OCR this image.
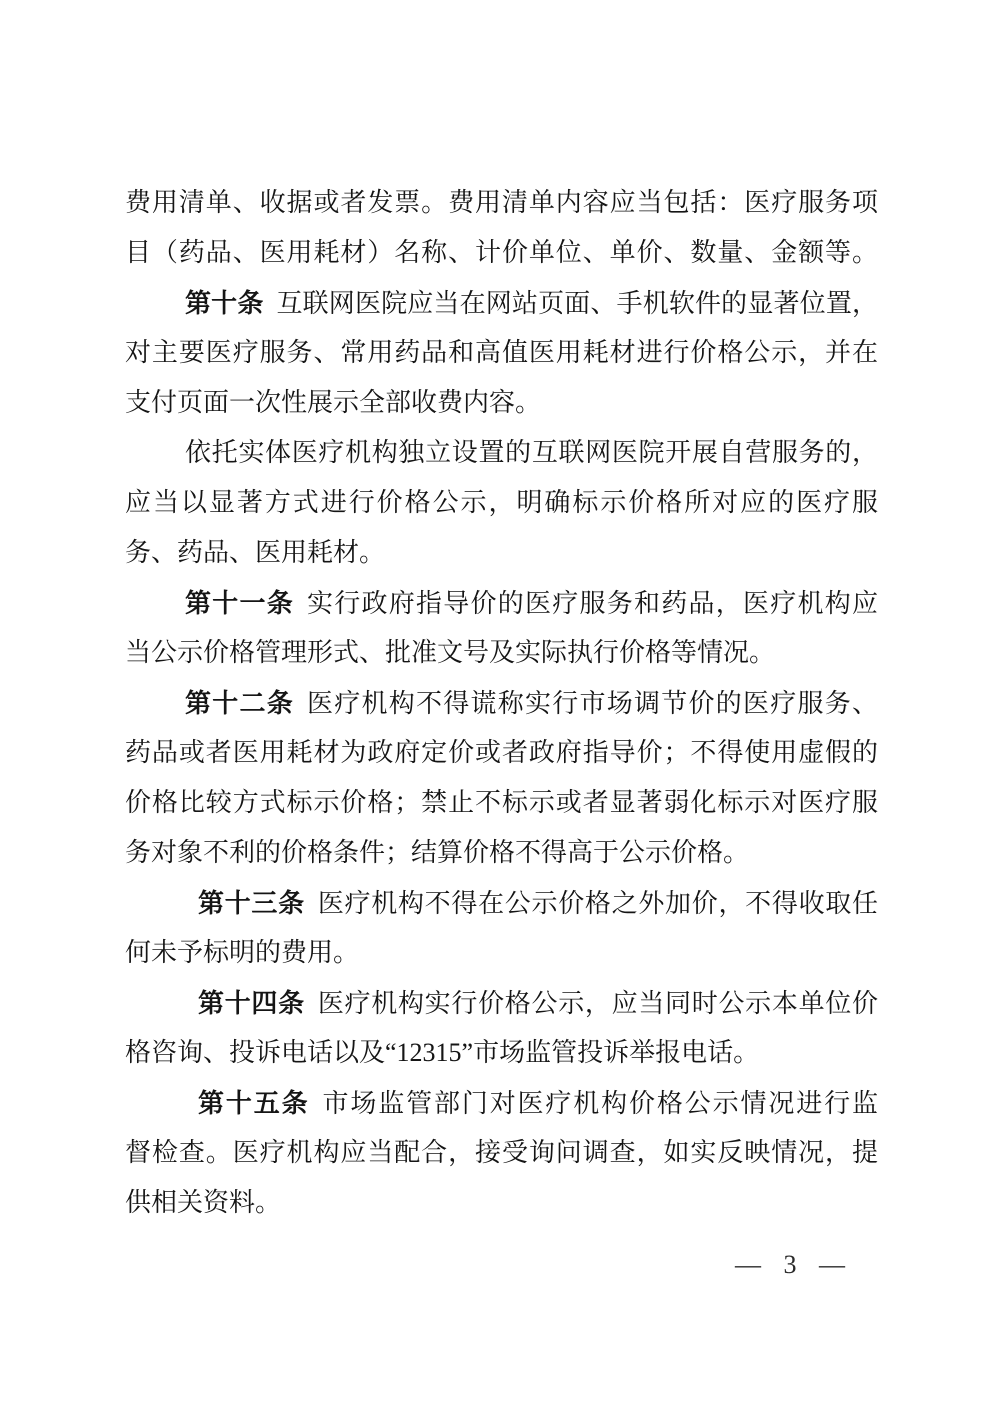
费用清单、收据或者发票。费用清单内容应当包括：医疗服务项
目（药品、医用耗材）名称、计价单位、单价、数量、金额等。
第十条 互联网医院应当在网站页面、手机软件的显著位置，
对主要医疗服务、常用药品和高值医用耗材进行价格公示，并在
支付页面一次性展示全部收费内容。
依托实体医疗机构独立设置的互联网医院开展自营服务的，
应当以显著方式进行价格公示，明确标示价格所对应的医疗服
务、药品、医用耗材。
第十一条 实行政府指导价的医疗服务和药品，医疗机构应
当公示价格管理形式、批准文号及实际执行价格等情况。
第十二条 医疗机构不得谎称实行市场调节价的医疗服务、
药品或者医用耗材为政府定价或者政府指导价；不得使用虚假的
价格比较方式标示价格；禁止不标示或者显著弱化标示对医疗服
务对象不利的价格条件；结算价格不得高于公示价格。
第十三条 医疗机构不得在公示价格之外加价，不得收取任
何未予标明的费用。
第十四条 医疗机构实行价格公示，应当同时公示本单位价
格咨询、投诉电话以及“12315”市场监管投诉举报电话。
第十五条 市场监管部门对医疗机构价格公示情况进行监
督检查。医疗机构应当配合，接受询问调查，如实反映情况，提
供相关资料。
— 3 —
